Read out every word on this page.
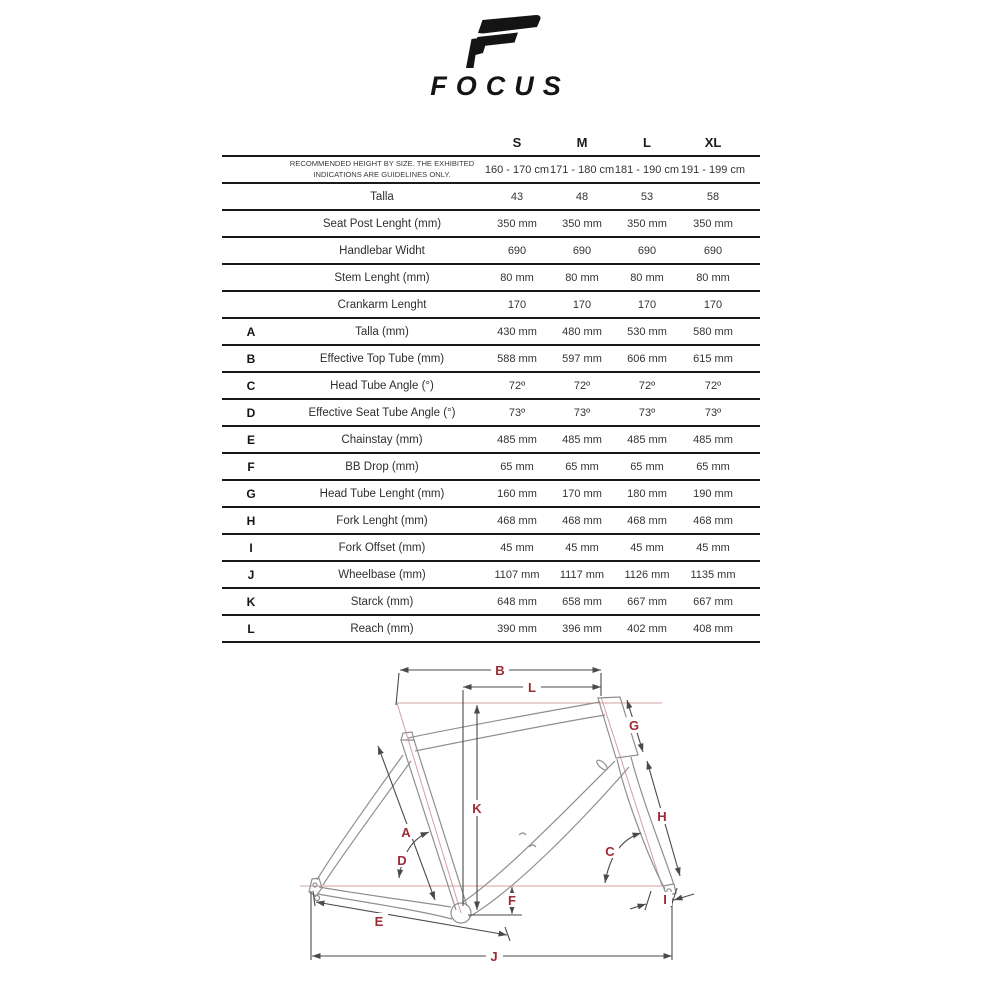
FOCUS
S	M	L	XL
RECOMMENDED HEIGHT BY SIZE. THE EXHIBITED INDICATIONS ARE GUIDELINES ONLY.	160 - 170 cm 171 - 180 cm 181 - 190 cm 191 - 199 cm
Talla	43	48	53	58
Seat Post Lenght (mm)	350 mm	350 mm	350 mm	350 mm
Handlebar Widht	690	690	690	690
Stem Lenght (mm)	80 mm	80 mm	80 mm	80 mm
Crankarm Lenght	170	170	170	170
A	Talla (mm)	430 mm	480 mm	530 mm	580 mm
B	Effective Top Tube (mm)	588 mm	597 mm	606 mm	615 mm
C	Head Tube Angle (°)	72º	72º	72º	72º
D	Effective Seat Tube Angle (°)	73º	73º	73º	73º
E	Chainstay (mm)	485 mm	485 mm	485 mm	485 mm
F	BB Drop (mm)	65 mm	65 mm	65 mm	65 mm
G	Head Tube Lenght (mm)	160 mm	170 mm	180 mm	190 mm
H	Fork Lenght (mm)	468 mm	468 mm	468 mm	468 mm
I	Fork Offset (mm)	45 mm	45 mm	45 mm	45 mm
J	Wheelbase (mm)	1107 mm	1117 mm	1126 mm	1135 mm
K	Starck (mm)	648 mm	658 mm	667 mm	667 mm
L	Reach (mm)	390 mm	396 mm	402 mm	408 mm
B
L
G
K
H
A
D
C
F
E
I
J
